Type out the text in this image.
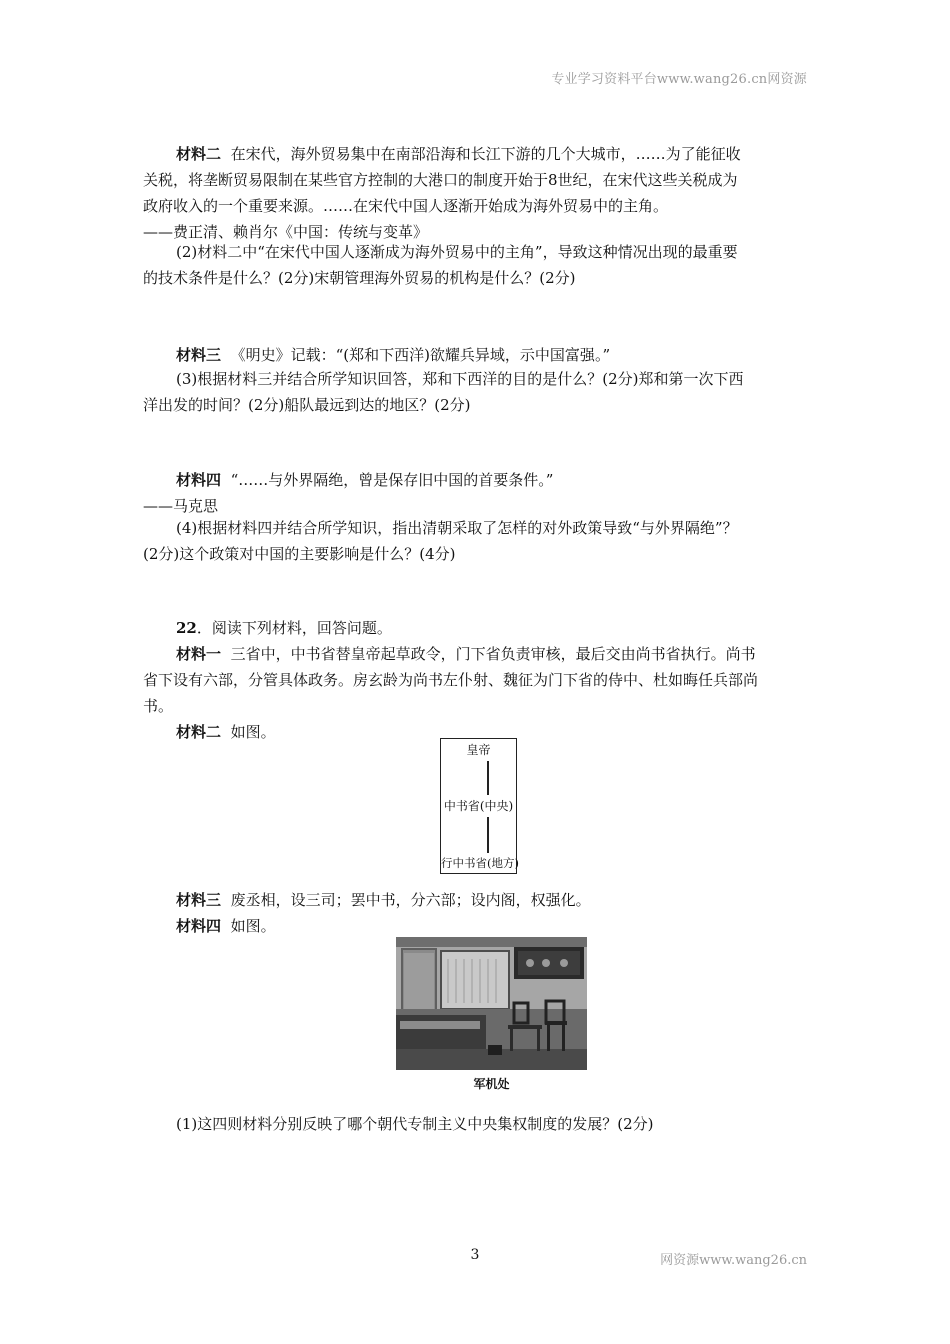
专业学习资料平台www.wang26.cn网资源
材料二 在宋代，海外贸易集中在南部沿海和长江下游的几个大城市，……为了能征收
关税，将垄断贸易限制在某些官方控制的大港口的制度开始于8世纪，在宋代这些关税成为
政府收入的一个重要来源。……在宋代中国人逐渐开始成为海外贸易中的主角。
——费正清、赖肖尔《中国：传统与变革》
(2)材料二中“在宋代中国人逐渐成为海外贸易中的主角”，导致这种情况出现的最重要
的技术条件是什么？(2分)宋朝管理海外贸易的机构是什么？(2分)
材料三 《明史》记载：“(郑和下西洋)欲耀兵异域，示中国富强。”
(3)根据材料三并结合所学知识回答，郑和下西洋的目的是什么？(2分)郑和第一次下西
洋出发的时间？(2分)船队最远到达的地区？(2分)
材料四 “……与外界隔绝，曾是保存旧中国的首要条件。”
——马克思
(4)根据材料四并结合所学知识，指出清朝采取了怎样的对外政策导致“与外界隔绝”？
(2分)这个政策对中国的主要影响是什么？(4分)
22．阅读下列材料，回答问题。
材料一 三省中，中书省替皇帝起草政令，门下省负责审核，最后交由尚书省执行。尚书
省下设有六部，分管具体政务。房玄龄为尚书左仆射、魏征为门下省的侍中、杜如晦任兵部尚
书。
材料二 如图。
皇帝
中书省(中央)
行中书省(地方)
材料三 废丞相，设三司；罢中书，分六部；设内阁，权强化。
材料四 如图。
军机处
(1)这四则材料分别反映了哪个朝代专制主义中央集权制度的发展？(2分)
3	网资源www.wang26.cn
